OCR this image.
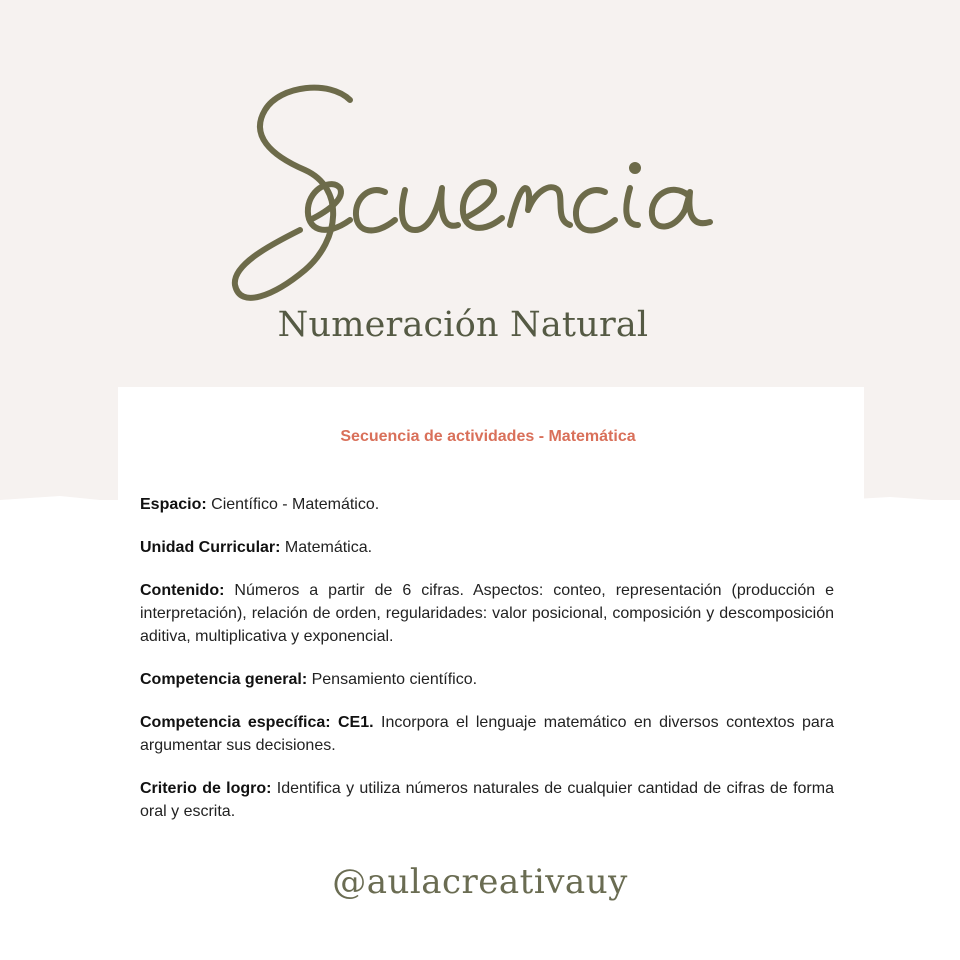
Numeración Natural
Secuencia de actividades - Matemática

Espacio: Científico - Matemático.

Unidad Curricular: Matemática.

Contenido: Números a partir de 6 cifras. Aspectos: conteo, representación (producción e interpretación), relación de orden, regularidades: valor posicional, composición y descomposición aditiva, multiplicativa y exponencial.

Competencia general: Pensamiento científico.

Competencia específica: CE1. Incorpora el lenguaje matemático en diversos contextos para argumentar sus decisiones.

Criterio de logro: Identifica y utiliza números naturales de cualquier cantidad de cifras de forma oral y escrita.

@aulacreativauy
